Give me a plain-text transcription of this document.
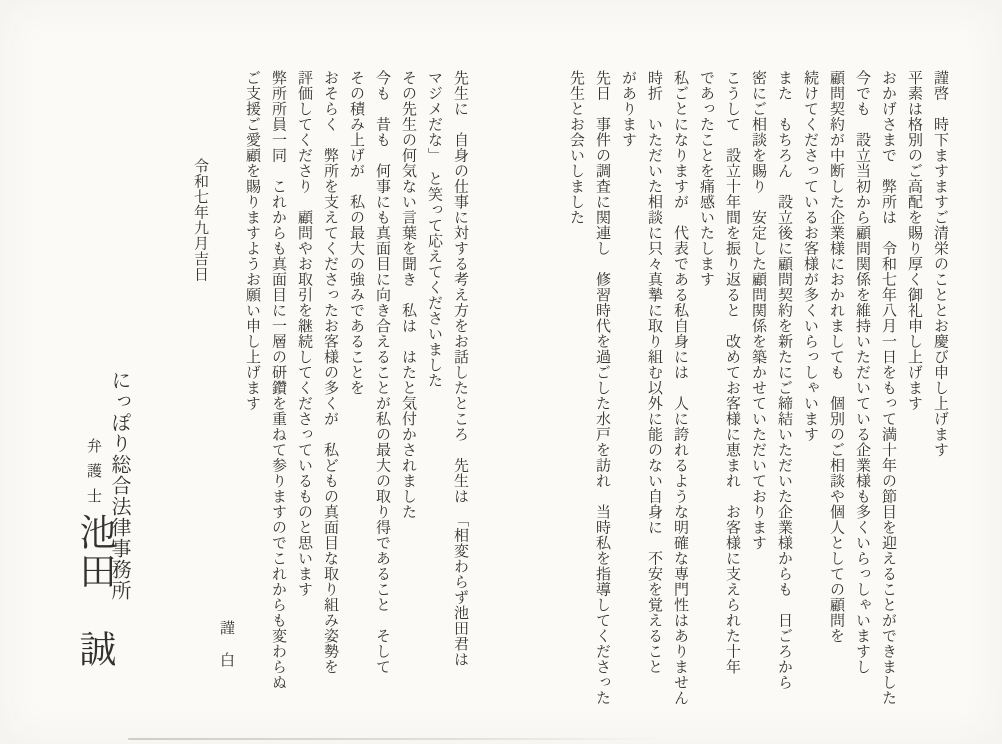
謹啓　時下ますますご清栄のこととお慶び申し上げます

平素は格別のご高配を賜り厚く御礼申し上げます

おかげさまで　弊所は　令和七年八月一日をもって満十年の節目を迎えることができました

今でも　設立当初から顧問関係を維持いただいている企業様も多くいらっしゃいますし

顧問契約が中断した企業様におかれましても　個別のご相談や個人としての顧問を

続けてくださっているお客様が多くいらっしゃいます

また　もちろん　設立後に顧問契約を新たにご締結いただいた企業様からも　日ごろから

密にご相談を賜り　安定した顧問関係を築かせていただいております

こうして　設立十年間を振り返ると　改めてお客様に恵まれ　お客様に支えられた十年

であったことを痛感いたします

私ごとになりますが　代表である私自身には　人に誇れるような明確な専門性はありません

時折　いただいた相談に只々真摯に取り組む以外に能のない自身に　不安を覚えること

があります

先日　事件の調査に関連し　修習時代を過ごした水戸を訪れ　当時私を指導してくださった

先生とお会いしました

先生に　自身の仕事に対する考え方をお話したところ　先生は　「相変わらず池田君は

マジメだな」　と笑って応えてくださいました

その先生の何気ない言葉を聞き　私は　はたと気付かされました

今も　昔も　何事にも真面目に向き合えることが私の最大の取り得であること　そして

その積み上げが　私の最大の強みであることを

おそらく　弊所を支えてくださったお客様の多くが　私どもの真面目な取り組み姿勢を

評価してくださり　顧問やお取引を継続してくださっているものと思います

弊所所員一同　これからも真面目に一層の研鑽を重ねて参りますのでこれからも変わらぬ

ご支援ご愛顧を賜りますようお願い申し上げます

謹　白

令和七年九月吉日

にっぽり総合法律事務所

弁護士池田　誠
